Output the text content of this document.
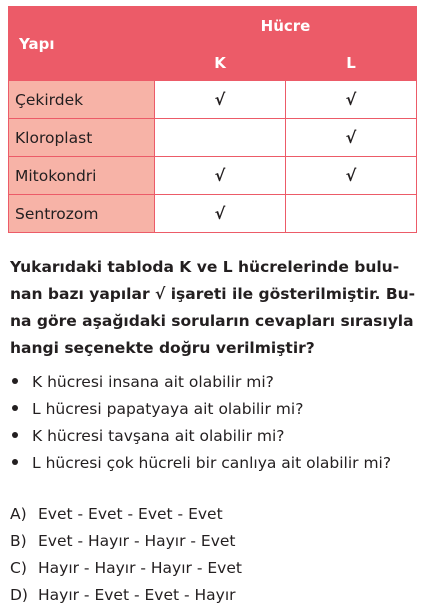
Yapı	Hücre	
	K	L
Çekirdek	√	√
Kloroplast		√
Mitokondri	√	√
Sentrozom	√	
Yukarıdaki tabloda K ve L hücrelerinde bulu-
nan bazı yapılar √ işareti ile gösterilmiştir. Bu-
na göre aşağıdaki soruların cevapları sırasıyla
hangi seçenekte doğru verilmiştir?
K hücresi insana ait olabilir mi?
L hücresi papatyaya ait olabilir mi?
K hücresi tavşana ait olabilir mi?
L hücresi çok hücreli bir canlıya ait olabilir mi?
A) Evet - Evet - Evet - Evet
B) Evet - Hayır - Hayır - Evet
C) Hayır - Hayır - Hayır - Evet
D) Hayır - Evet - Evet - Hayır
